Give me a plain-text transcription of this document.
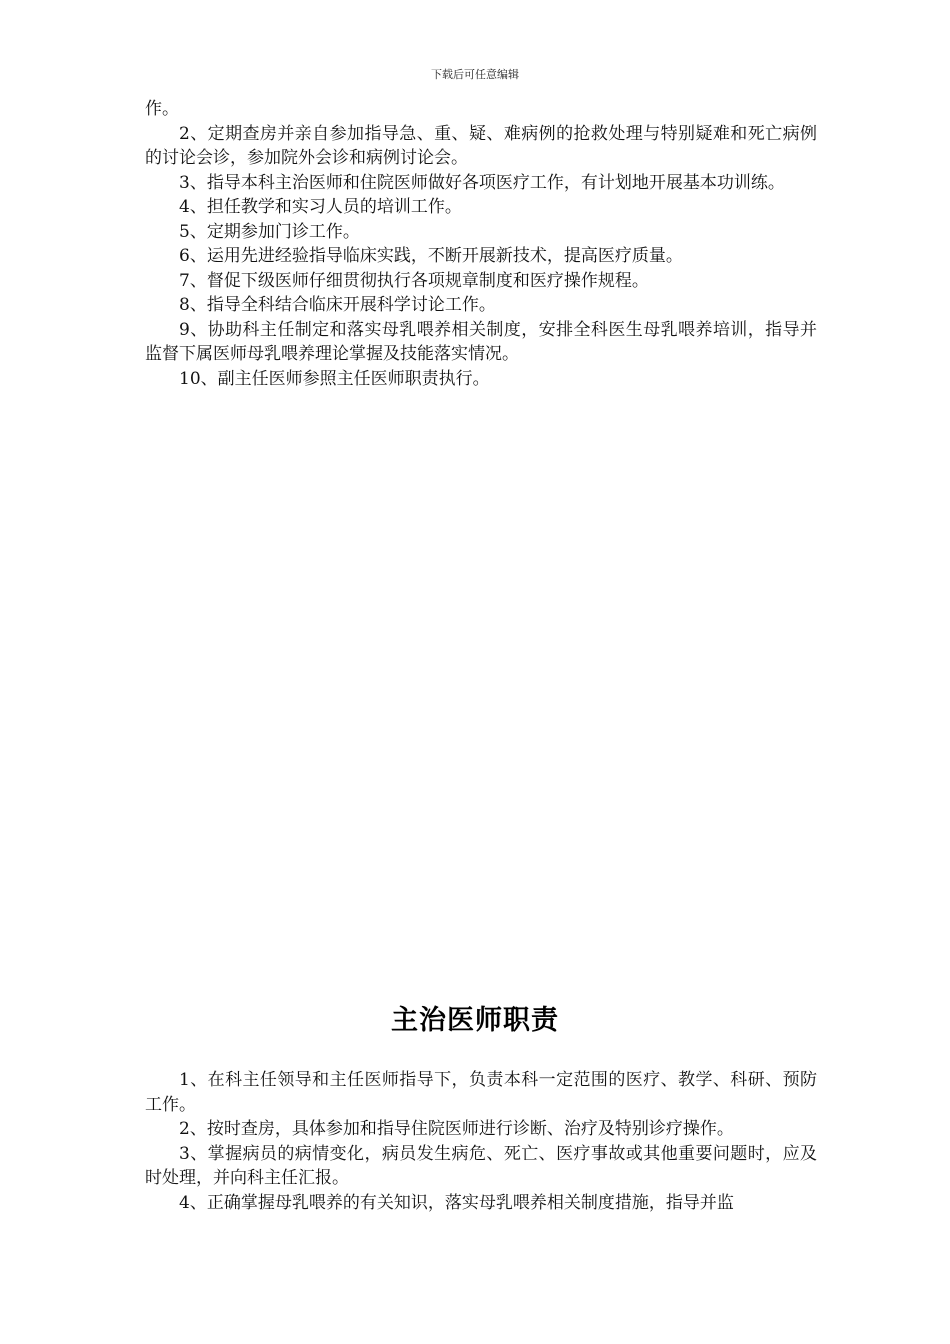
下载后可任意编辑

作。

2、定期查房并亲自参加指导急、重、疑、难病例的抢救处理与特别疑难和死亡病例的讨论会诊，参加院外会诊和病例讨论会。

3、指导本科主治医师和住院医师做好各项医疗工作，有计划地开展基本功训练。

4、担任教学和实习人员的培训工作。

5、定期参加门诊工作。

6、运用先进经验指导临床实践，不断开展新技术，提高医疗质量。

7、督促下级医师仔细贯彻执行各项规章制度和医疗操作规程。

8、指导全科结合临床开展科学讨论工作。

9、协助科主任制定和落实母乳喂养相关制度，安排全科医生母乳喂养培训，指导并监督下属医师母乳喂养理论掌握及技能落实情况。

10、副主任医师参照主任医师职责执行。

主治医师职责

1、在科主任领导和主任医师指导下，负责本科一定范围的医疗、教学、科研、预防工作。

2、按时查房，具体参加和指导住院医师进行诊断、治疗及特别诊疗操作。

3、掌握病员的病情变化，病员发生病危、死亡、医疗事故或其他重要问题时，应及时处理，并向科主任汇报。

4、正确掌握母乳喂养的有关知识，落实母乳喂养相关制度措施，指导并监
